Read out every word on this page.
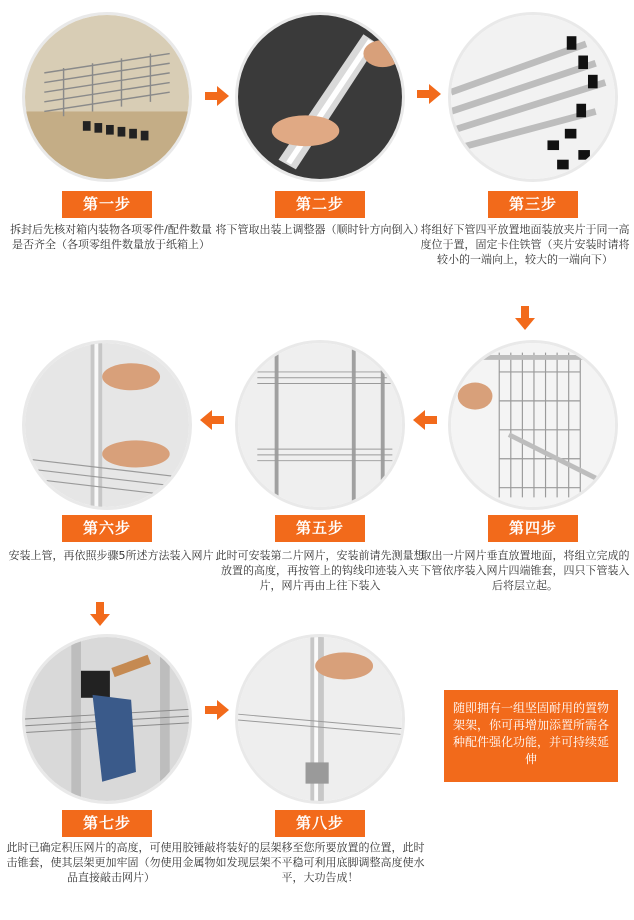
第一步
拆封后先核对箱内装物各项零件/配件数量是否齐全（各项零组件数量放于纸箱上）
第二步
将下管取出装上调整器（顺时针方向倒入）
第三步
将组好下管四平放置地面装放夹片于同一高度位于置，固定卡住铁管（夹片安装时请将较小的一端向上，较大的一端向下）
第六步
安装上管，再依照步骤5所述方法装入网片
第五步
此时可安装第二片网片，安装前请先测量想放置的高度，再按管上的钩线印迹装入夹片，网片再由上往下装入
第四步
取出一片网片垂直放置地面，将组立完成的下管依序装入网片四端锥套，四只下管装入后将层立起。
第七步
此时已确定积压网片的高度，可使用胶锤敲击锥套，使其层架更加牢固（勿使用金属物品直接敲击网片）
第八步
将装好的层架移至您所要放置的位置，此时如发现层架不平稳可利用底脚调整高度使水平，大功告成！
随即拥有一组坚固耐用的置物架架，你可再增加添置所需各种配件强化功能，并可持续延伸
